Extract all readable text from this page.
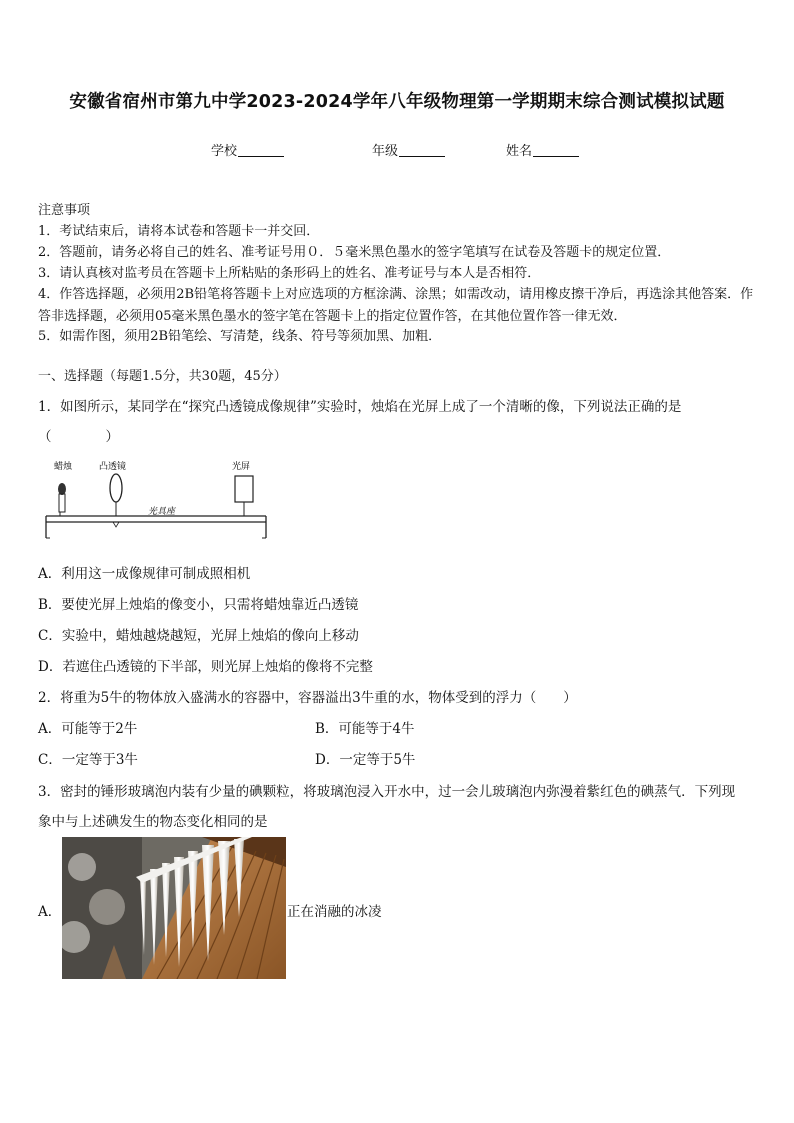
安徽省宿州市第九中学2023-2024学年八年级物理第一学期期末综合测试模拟试题
学校	年级	姓名
注意事项
1．考试结束后，请将本试卷和答题卡一并交回．
2．答题前，请务必将自己的姓名、准考证号用０．５毫米黑色墨水的签字笔填写在试卷及答题卡的规定位置．
3．请认真核对监考员在答题卡上所粘贴的条形码上的姓名、准考证号与本人是否相符．
4．作答选择题，必须用2B铅笔将答题卡上对应选项的方框涂满、涂黑；如需改动，请用橡皮擦干净后，再选涂其他答案．作答非选择题，必须用05毫米黑色墨水的签字笔在答题卡上的指定位置作答，在其他位置作答一律无效．
5．如需作图，须用2B铅笔绘、写清楚，线条、符号等须加黑、加粗．
一、选择题（每题1.5分，共30题，45分）
1．如图所示，某同学在“探究凸透镜成像规律”实验时，烛焰在光屏上成了一个清晰的像，下列说法正确的是
（　　　　）
蜡烛	凸透镜	光屏
光具座
A．利用这一成像规律可制成照相机
B．要使光屏上烛焰的像变小，只需将蜡烛靠近凸透镜
C．实验中，蜡烛越烧越短，光屏上烛焰的像向上移动
D．若遮住凸透镜的下半部，则光屏上烛焰的像将不完整
2．将重为5牛的物体放入盛满水的容器中，容器溢出3牛重的水，物体受到的浮力（　　）
A．可能等于2牛	B．可能等于4牛
C．一定等于3牛	D．一定等于5牛
3．密封的锤形玻璃泡内装有少量的碘颗粒，将玻璃泡浸入开水中，过一会儿玻璃泡内弥漫着紫红色的碘蒸气．下列现
象中与上述碘发生的物态变化相同的是
A．	正在消融的冰凌
